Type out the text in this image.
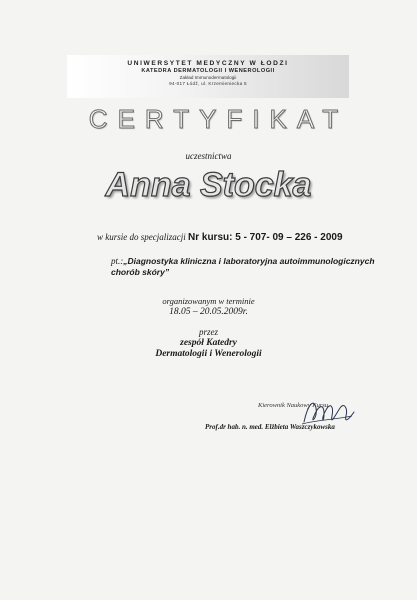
UNIWERSYTET MEDYCZNY W ŁODZI
KATEDRA DERMATOLOGII I WENEROLOGII
Zakład Immunodermatologii
94-017 Łódź, ul. Krzemieniecka 5
CERTYFIKAT
uczestnictwa
Anna Stocka
w kursie do specjalizacji Nr kursu: 5 - 707- 09 – 226 - 2009
pt.:„Diagnostyka kliniczna i laboratoryjna autoimmunologicznych chorób skóry”
organizowanym w terminie
18.05 – 20.05.2009r.
przez
zespół Katedry
Dermatologii i Wenerologii
Kierownik Naukowy Kursu
Prof.dr hab. n. med. Elżbieta Waszczykowska
